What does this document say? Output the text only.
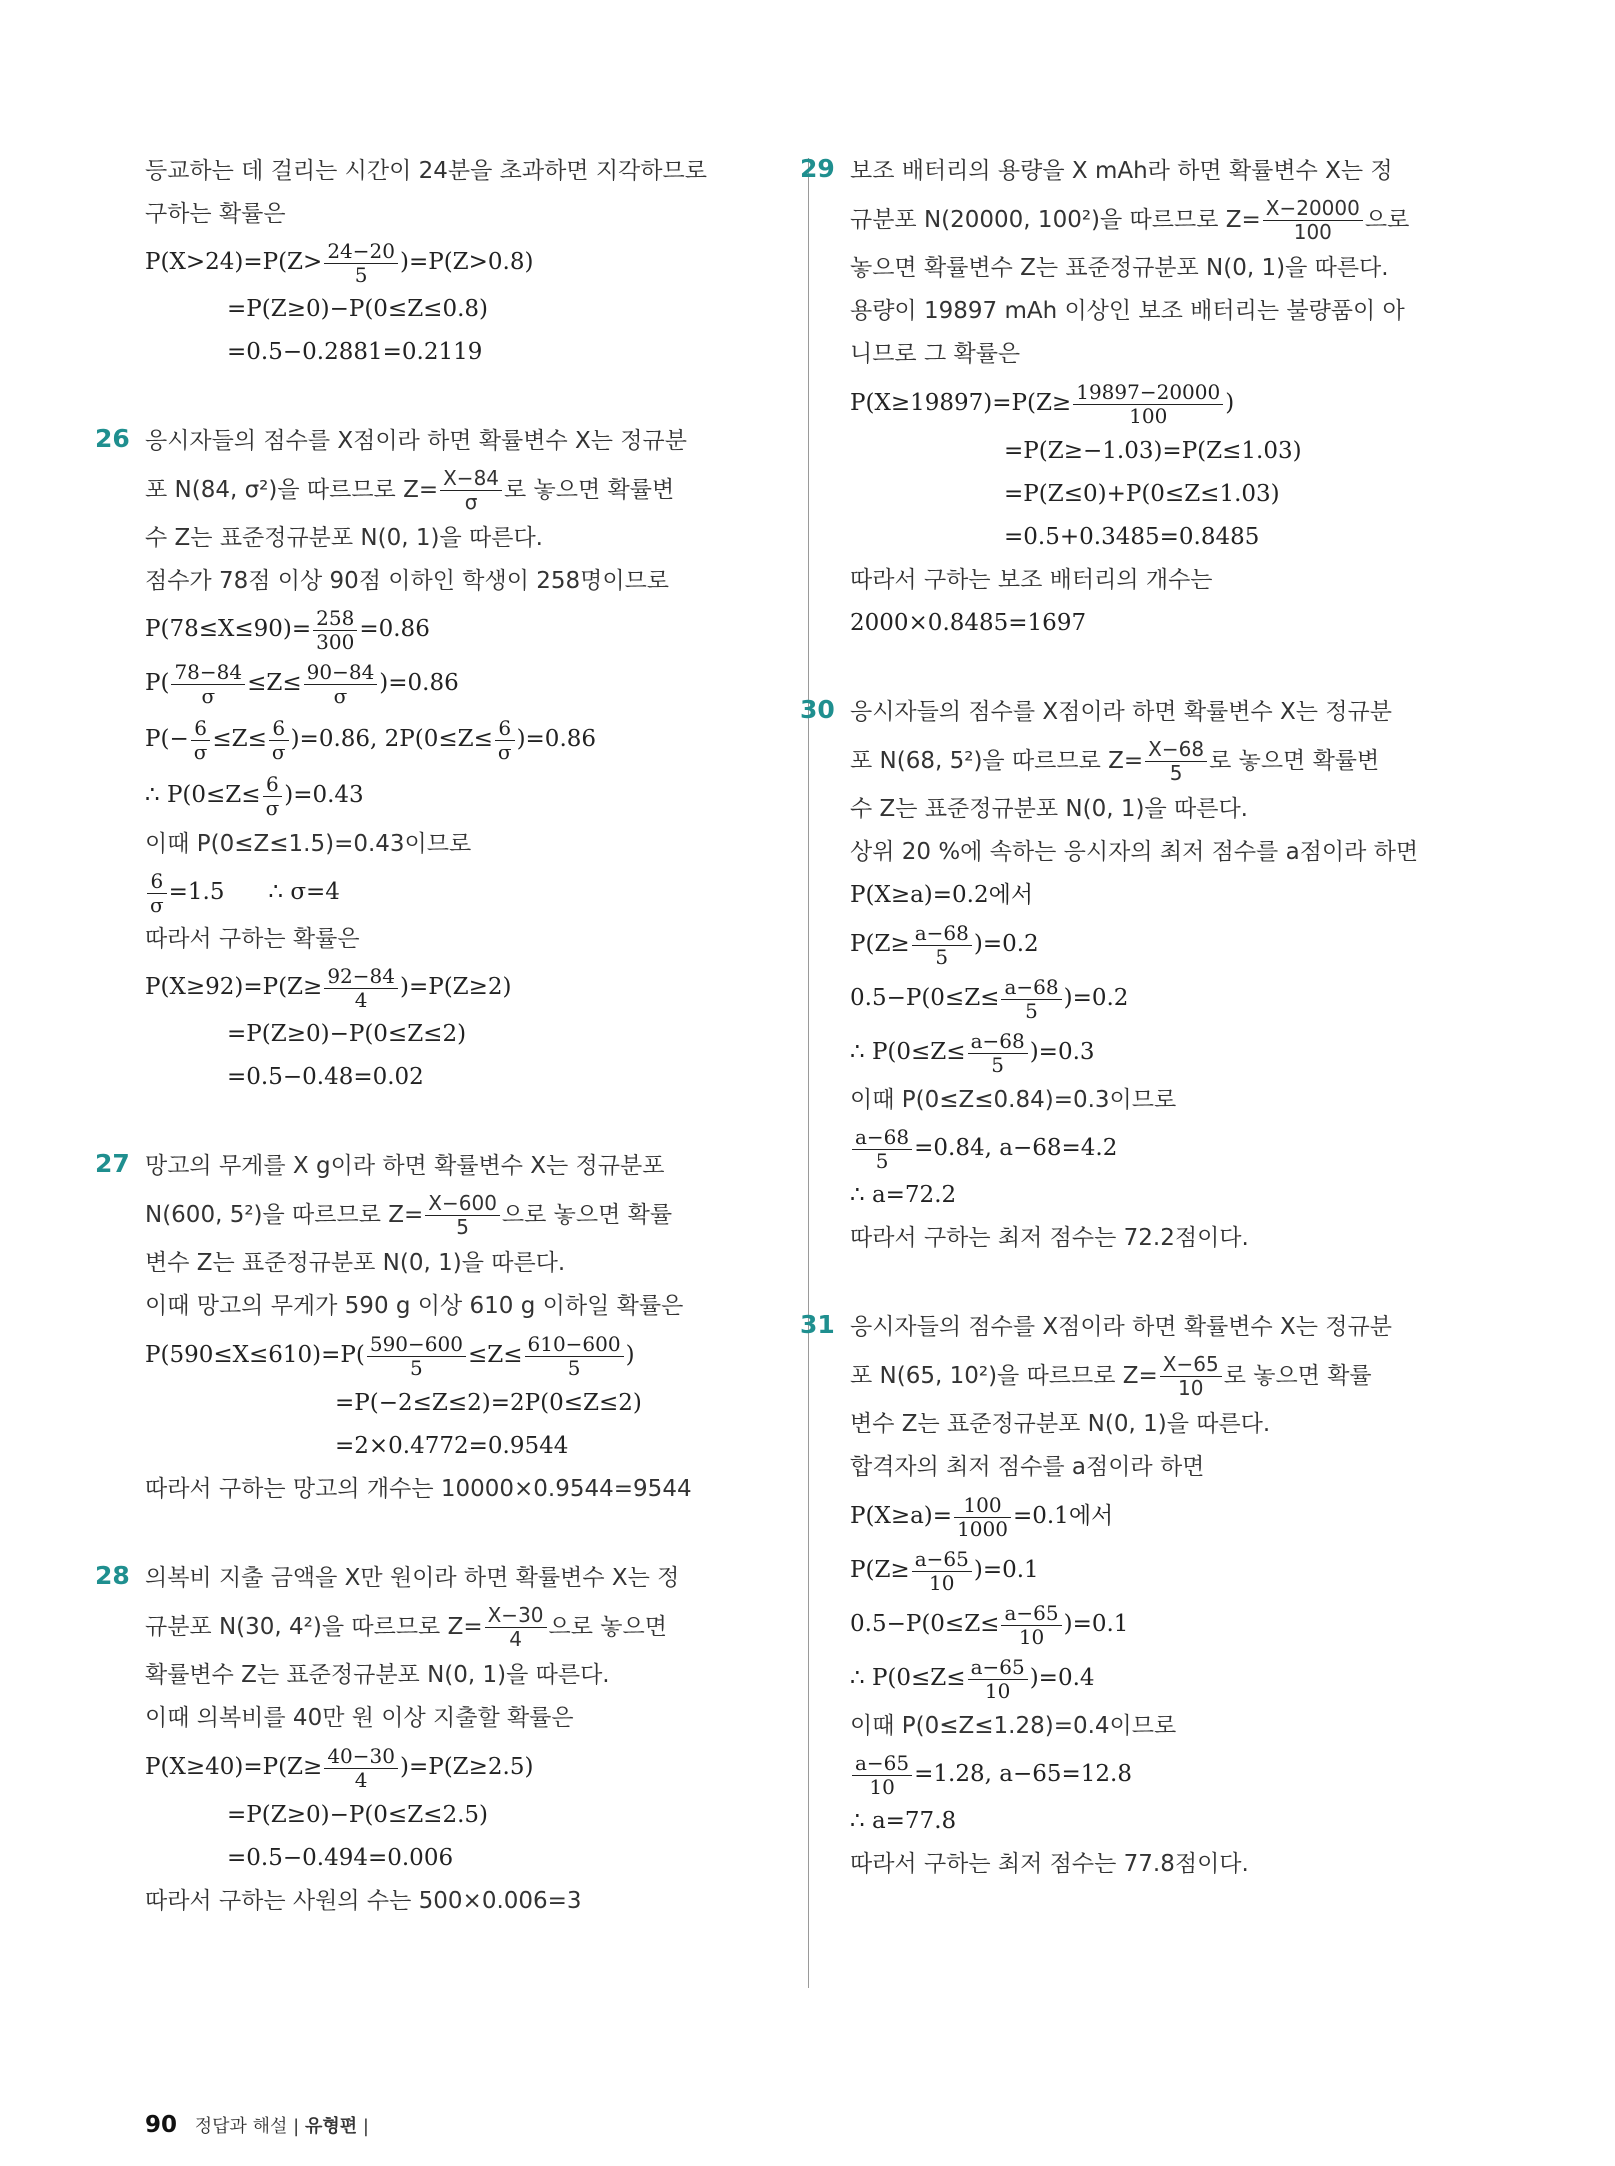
등교하는 데 걸리는 시간이 24분을 초과하면 지각하므로
구하는 확률은
$P(X>24)=P(Z> \frac{24-20}{5} )=P(Z>0.8)$
=P(Z≥0)−P(0≤Z≤0.8)
=0.5−0.2881=0.2119
26 응시자들의 점수를 X점이라 하면 확률변수 X는 정규분
포 N(84, σ²)을 따르므로 $Z= \frac{X-84}{\sigma}$ 로 놓으면 확률변
수 Z는 표준정규분포 N(0, 1)을 따른다.
점수가 78점 이상 90점 이하인 학생이 258명이므로
$P(78\le X\le 90)= \frac{258}{300} =0.86$
$P( \frac{78-84}{\sigma} \le Z\le \frac{90-84}{\sigma} )=0.86$
$P(- \frac{6}{\sigma} \le Z\le \frac{6}{\sigma} )=0.86$, $2P(0\le Z\le \frac{6}{\sigma} )=0.86$
∴ $P(0\le Z\le \frac{6}{\sigma} )=0.43$
이때 P(0≤Z≤1.5)=0.43이므로
$\frac{6}{\sigma} =1.5$      ∴ σ=4
따라서 구하는 확률은
$P(X\ge 92)=P(Z\ge \frac{92-84}{4} )=P(Z\ge 2)$
=P(Z≥0)−P(0≤Z≤2)
=0.5−0.48=0.02
27 망고의 무게를 X g이라 하면 확률변수 X는 정규분포
N(600, 5²)을 따르므로 $Z= \frac{X-600}{5}$ 으로 놓으면 확률
변수 Z는 표준정규분포 N(0, 1)을 따른다.
이때 망고의 무게가 590 g 이상 610 g 이하일 확률은
$P(590\le X\le 610)=P( \frac{590-600}{5} \le Z\le \frac{610-600}{5}$ )
=P(−2≤Z≤2)=2P(0≤Z≤2)
=2×0.4772=0.9544
따라서 구하는 망고의 개수는 10000×0.9544=9544
28 의복비 지출 금액을 X만 원이라 하면 확률변수 X는 정
규분포 N(30, 4²)을 따르므로 $Z= \frac{X-30}{4}$ 으로 놓으면
확률변수 Z는 표준정규분포 N(0, 1)을 따른다.
이때 의복비를 40만 원 이상 지출할 확률은
$P(X\ge 40)=P(Z\ge \frac{40-30}{4} )=P(Z\ge 2.5)$
=P(Z≥0)−P(0≤Z≤2.5)
=0.5−0.494=0.006
따라서 구하는 사원의 수는 500×0.006=3
29 보조 배터리의 용량을 X mAh라 하면 확률변수 X는 정
규분포 N(20000, 100²)을 따르므로 $Z= \frac{X-20000}{100}$ 으로
놓으면 확률변수 Z는 표준정규분포 N(0, 1)을 따른다.
용량이 19897 mAh 이상인 보조 배터리는 불량품이 아
니므로 그 확률은
$P(X\ge 19897)=P(Z\ge \frac{19897-20000}{100}$ )
=P(Z≥−1.03)=P(Z≤1.03)
=P(Z≤0)+P(0≤Z≤1.03)
=0.5+0.3485=0.8485
따라서 구하는 보조 배터리의 개수는
2000×0.8485=1697
30 응시자들의 점수를 X점이라 하면 확률변수 X는 정규분
포 N(68, 5²)을 따르므로 $Z= \frac{X-68}{5}$ 로 놓으면 확률변
수 Z는 표준정규분포 N(0, 1)을 따른다.
상위 20 %에 속하는 응시자의 최저 점수를 a점이라 하면
P(X≥a)=0.2에서
$P(Z\ge \frac{a-68}{5} )=0.2$
$0.5-P(0\le Z\le \frac{a-68}{5} )=0.2$
∴ $P(0\le Z\le \frac{a-68}{5} )=0.3$
이때 P(0≤Z≤0.84)=0.3이므로
$\frac{a-68}{5} =0.84$, a−68=4.2
∴ a=72.2
따라서 구하는 최저 점수는 72.2점이다.
31 응시자들의 점수를 X점이라 하면 확률변수 X는 정규분
포 N(65, 10²)을 따르므로 $Z= \frac{X-65}{10}$ 로 놓으면 확률
변수 Z는 표준정규분포 N(0, 1)을 따른다.
합격자의 최저 점수를 a점이라 하면
$P(X\ge a)= \frac{100}{1000} =0.1$에서
$P(Z\ge \frac{a-65}{10} )=0.1$
$0.5-P(0\le Z\le \frac{a-65}{10} )=0.1$
∴ $P(0\le Z\le \frac{a-65}{10} )=0.4$
이때 P(0≤Z≤1.28)=0.4이므로
$\frac{a-65}{10} =1.28$, a−65=12.8
∴ a=77.8
따라서 구하는 최저 점수는 77.8점이다.
90 정답과 해설 | 유형편 |
